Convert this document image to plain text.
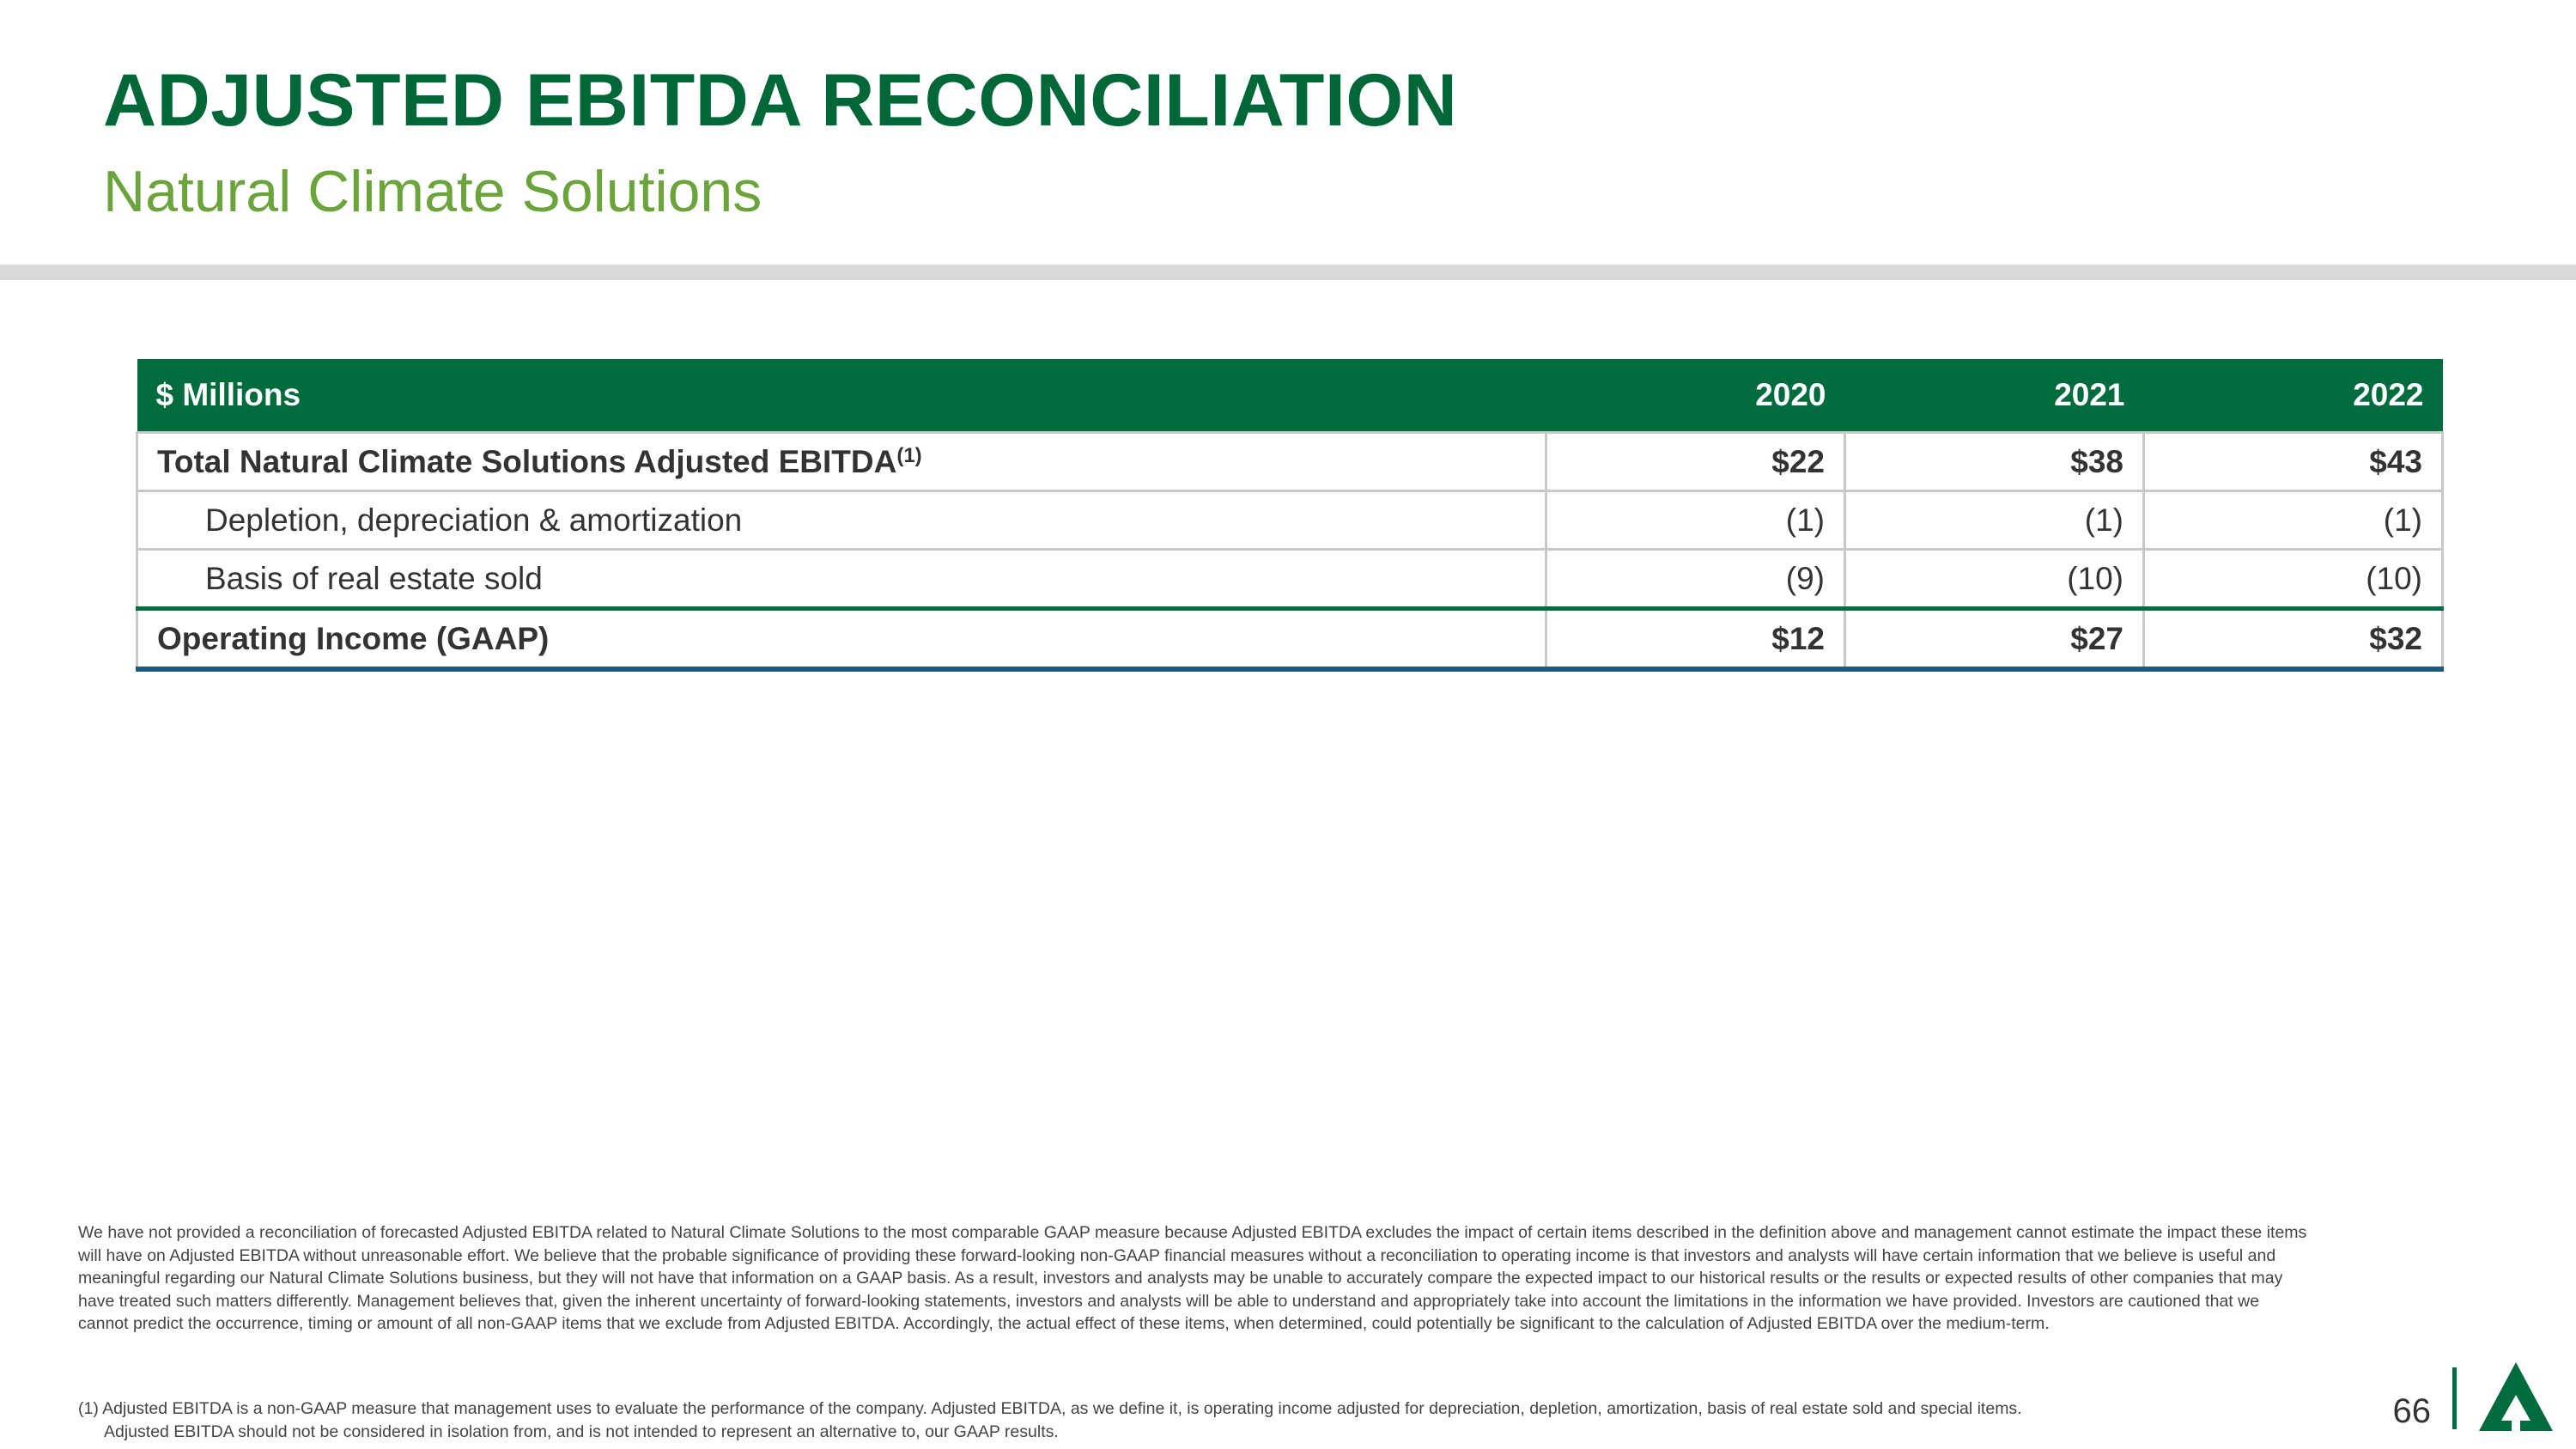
ADJUSTED EBITDA RECONCILIATION
Natural Climate Solutions
$ Millions	2020	2021	2022
Total Natural Climate Solutions Adjusted EBITDA$^{(1)}$	$22	$38	$43
Depletion, depreciation & amortization	(1)	(1)	(1)
Basis of real estate sold	(9)	(10)	(10)
Operating Income (GAAP)	$12	$27	$32
We have not provided a reconciliation of forecasted Adjusted EBITDA related to Natural Climate Solutions to the most comparable GAAP measure because Adjusted EBITDA excludes the impact of certain items described in the definition above and management cannot estimate the impact these items will have on Adjusted EBITDA without unreasonable effort. We believe that the probable significance of providing these forward-looking non-GAAP financial measures without a reconciliation to operating income is that investors and analysts will have certain information that we believe is useful and meaningful regarding our Natural Climate Solutions business, but they will not have that information on a GAAP basis. As a result, investors and analysts may be unable to accurately compare the expected impact to our historical results or the results or expected results of other companies that may have treated such matters differently. Management believes that, given the inherent uncertainty of forward-looking statements, investors and analysts will be able to understand and appropriately take into account the limitations in the information we have provided. Investors are cautioned that we cannot predict the occurrence, timing or amount of all non-GAAP items that we exclude from Adjusted EBITDA. Accordingly, the actual effect of these items, when determined, could potentially be significant to the calculation of Adjusted EBITDA over the medium-term.
(1) Adjusted EBITDA is a non-GAAP measure that management uses to evaluate the performance of the company. Adjusted EBITDA, as we define it, is operating income adjusted for depreciation, depletion, amortization, basis of real estate sold and special items.
Adjusted EBITDA should not be considered in isolation from, and is not intended to represent an alternative to, our GAAP results.
66
